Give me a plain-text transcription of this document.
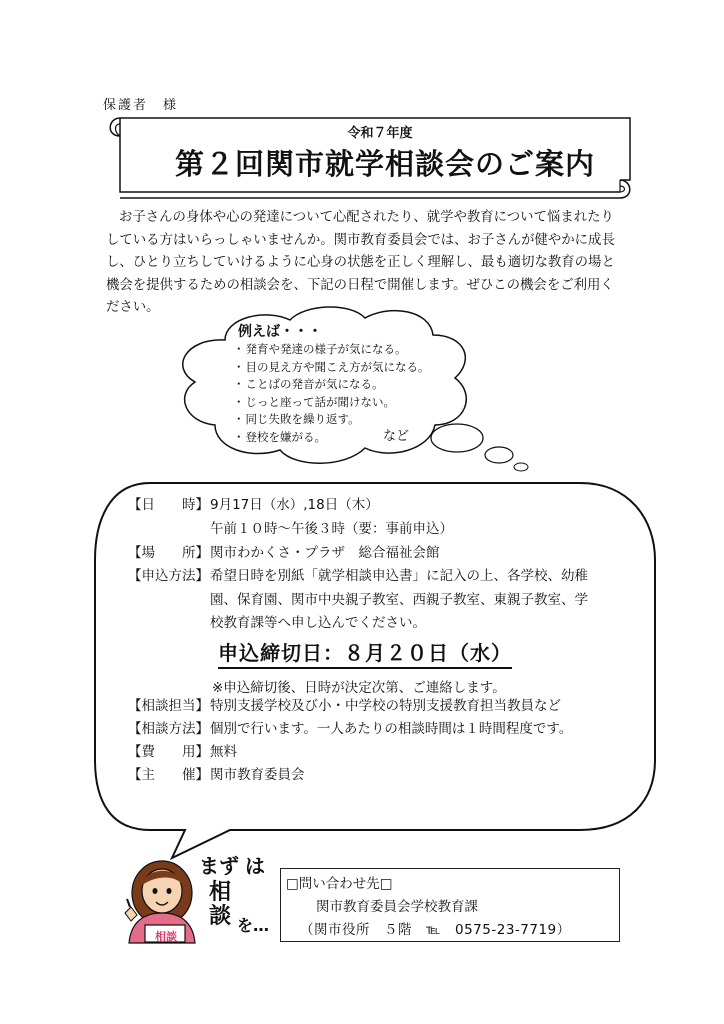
保護者　様
令和７年度
第２回関市就学相談会のご案内

お子さんの身体や心の発達について心配されたり、就学や教育について悩まれたりしている方はいらっしゃいませんか。関市教育委員会では、お子さんが健やかに成長し、ひとり立ちしていけるように心身の状態を正しく理解し、最も適切な教育の場と機会を提供するための相談会を、下記の日程で開催します。ぜひこの機会をご利用ください。

例えば・・・
・ 発育や発達の様子が気になる。
・ 目の見え方や聞こえ方が気になる。
・ ことばの発音が気になる。
・ じっと座って話が聞けない。
・ 同じ失敗を繰り返す。
・ 登校を嫌がる。	など
【日　　時】 9月17日（水）,18日（木）
午前１０時～午後３時（要：事前申込）
【場　　所】 関市わかくさ・プラザ　総合福祉会館
【申込方法】 希望日時を別紙「就学相談申込書」に記入の上、各学校、幼稚園、保育園、関市中央親子教室、西親子教室、東親子教室、学校教育課等へ申し込んでください。
申込締切日：８月２０日（水）
※申込締切後、日時が決定次第、ご連絡します。
【相談担当】 特別支援学校及び小・中学校の特別支援教育担当教員など
【相談方法】 個別で行います。一人あたりの相談時間は１時間程度です。
【費　　用】 無料
【主　　催】 関市教育委員会
まず は
相
談 を…
相談
□問い合わせ先□
関市教育委員会学校教育課
（関市役所　５階　℡　0575-23-7719）
